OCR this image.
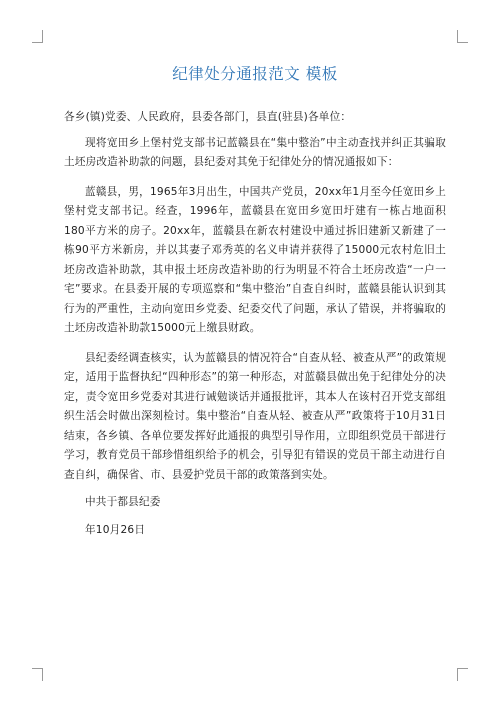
纪律处分通报范文 模板

各乡(镇)党委、人民政府，县委各部门，县直(驻县)各单位：

现将宽田乡上堡村党支部书记蓝赣县在“集中整治”中主动查找并纠正其骗取土坯房改造补助款的问题，县纪委对其免于纪律处分的情况通报如下：

蓝赣县，男，1965年3月出生，中国共产党员，20xx年1月至今任宽田乡上堡村党支部书记。经查，1996年，蓝赣县在宽田乡宽田圩建有一栋占地面积180平方米的房子。20xx年，蓝赣县在新农村建设中通过拆旧建新又新建了一栋90平方米新房，并以其妻子邓秀英的名义申请并获得了15000元农村危旧土坯房改造补助款，其申报土坯房改造补助的行为明显不符合土坯房改造“一户一宅”要求。在县委开展的专项巡察和“集中整治”自查自纠时，蓝赣县能认识到其行为的严重性，主动向宽田乡党委、纪委交代了问题，承认了错误，并将骗取的土坯房改造补助款15000元上缴县财政。

县纪委经调查核实，认为蓝赣县的情况符合“自查从轻、被查从严”的政策规定，适用于监督执纪“四种形态”的第一种形态，对蓝赣县做出免于纪律处分的决定，责令宽田乡党委对其进行诫勉谈话并通报批评，其本人在该村召开党支部组织生活会时做出深刻检讨。集中整治“自查从轻、被查从严”政策将于10月31日结束，各乡镇、各单位要发挥好此通报的典型引导作用，立即组织党员干部进行学习，教育党员干部珍惜组织给予的机会，引导犯有错误的党员干部主动进行自查自纠，确保省、市、县爱护党员干部的政策落到实处。

中共于都县纪委

年10月26日
